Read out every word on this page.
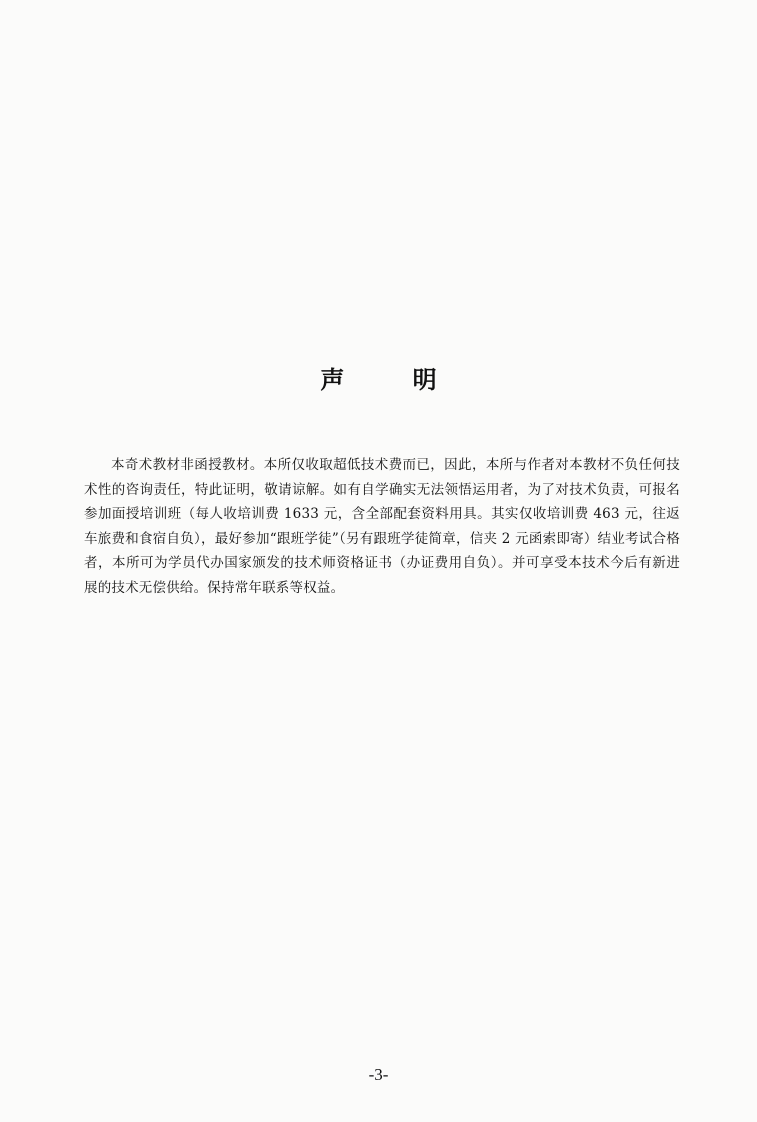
声 明

本奇术教材非函授教材。本所仅收取超低技术费而已，因此，本所与作者对本教材不负任何技术性的咨询责任，特此证明，敬请谅解。如有自学确实无法领悟运用者，为了对技术负责，可报名参加面授培训班（每人收培训费 1633 元，含全部配套资料用具。其实仅收培训费 463 元，往返车旅费和食宿自负），最好参加“跟班学徒”（另有跟班学徒简章，信夹 2 元函索即寄）结业考试合格者，本所可为学员代办国家颁发的技术师资格证书（办证费用自负）。并可享受本技术今后有新进展的技术无偿供给。保持常年联系等权益。

-3-
